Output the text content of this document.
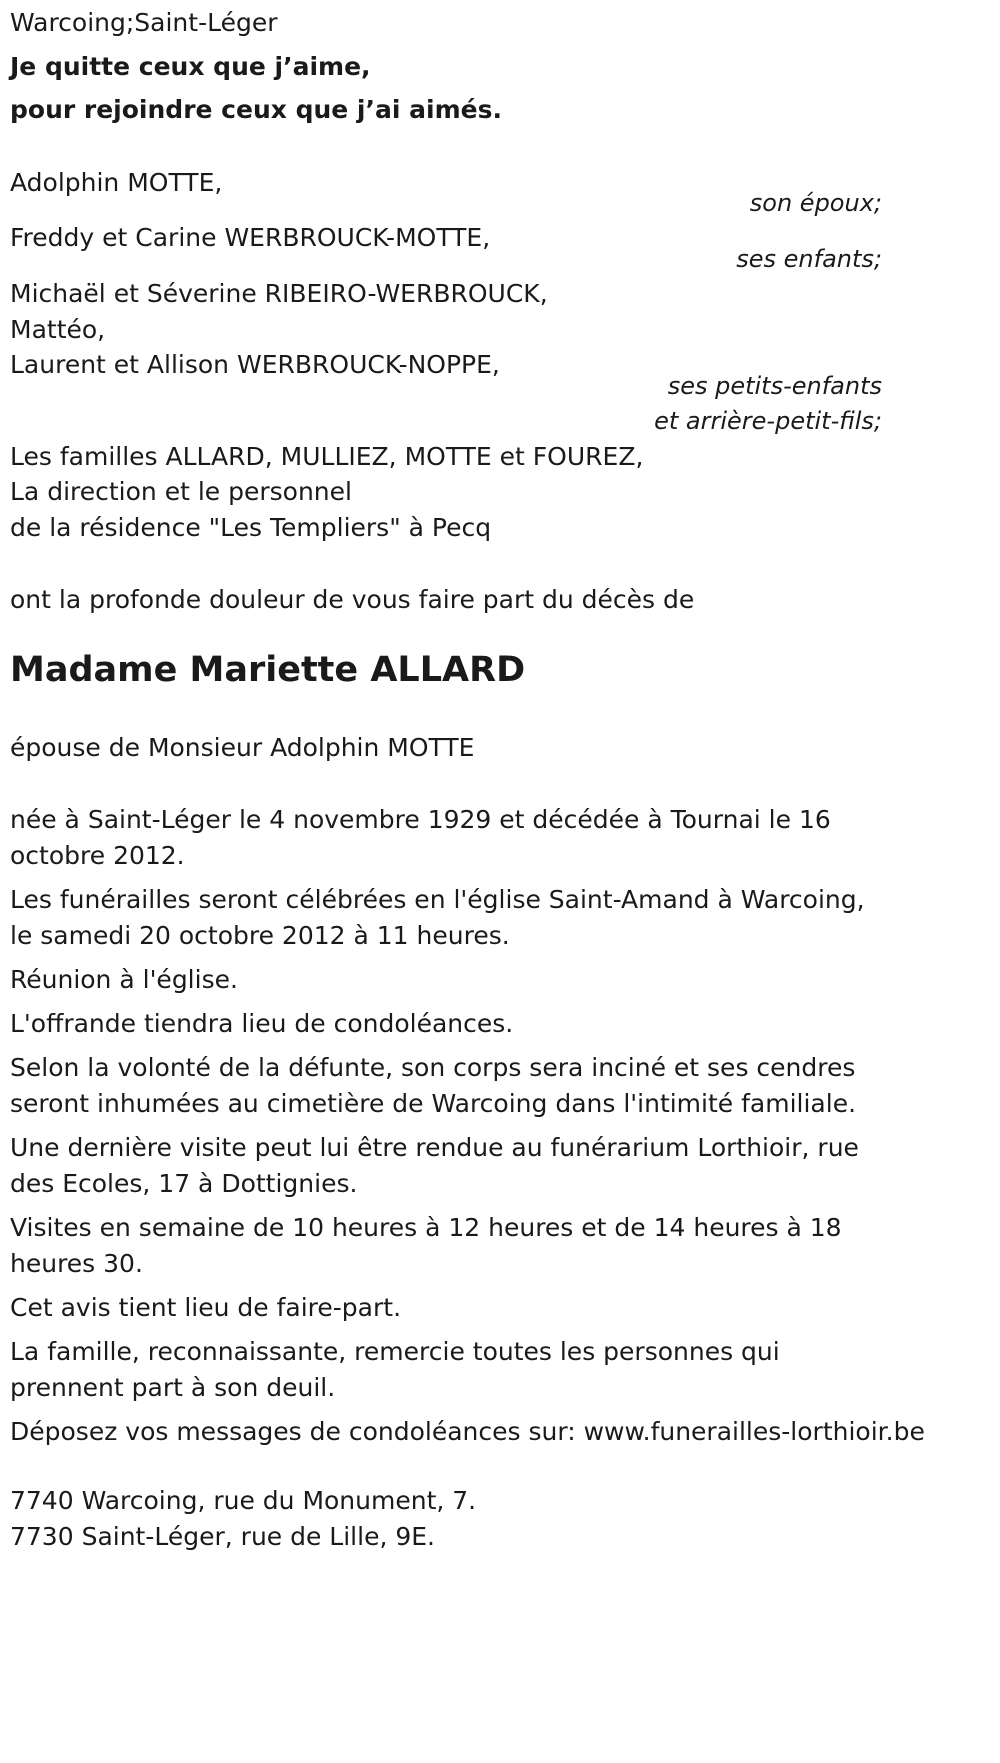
Warcoing;Saint-Léger
Je quitte ceux que j’aime,
pour rejoindre ceux que j’ai aimés.
Adolphin MOTTE,
son époux;
Freddy et Carine WERBROUCK-MOTTE,
ses enfants;
Michaël et Séverine RIBEIRO-WERBROUCK,
Mattéo,
Laurent et Allison WERBROUCK-NOPPE,
ses petits-enfants
et arrière-petit-fils;
Les familles ALLARD, MULLIEZ, MOTTE et FOUREZ,
La direction et le personnel
de la résidence "Les Templiers" à Pecq
ont la profonde douleur de vous faire part du décès de
Madame Mariette ALLARD
épouse de Monsieur Adolphin MOTTE

née à Saint-Léger le 4 novembre 1929 et décédée à Tournai le 16 octobre 2012.

Les funérailles seront célébrées en l'église Saint-Amand à Warcoing, le samedi 20 octobre 2012 à 11 heures.

Réunion à l'église.

L'offrande tiendra lieu de condoléances.

Selon la volonté de la défunte, son corps sera inciné et ses cendres seront inhumées au cimetière de Warcoing dans l'intimité familiale.

Une dernière visite peut lui être rendue au funérarium Lorthioir, rue des Ecoles, 17 à Dottignies.

Visites en semaine de 10 heures à 12 heures et de 14 heures à 18 heures 30.

Cet avis tient lieu de faire-part.

La famille, reconnaissante, remercie toutes les personnes qui prennent part à son deuil.

Déposez vos messages de condoléances sur: www.funerailles-lorthioir.be

7740 Warcoing, rue du Monument, 7.
7730 Saint-Léger, rue de Lille, 9E.
